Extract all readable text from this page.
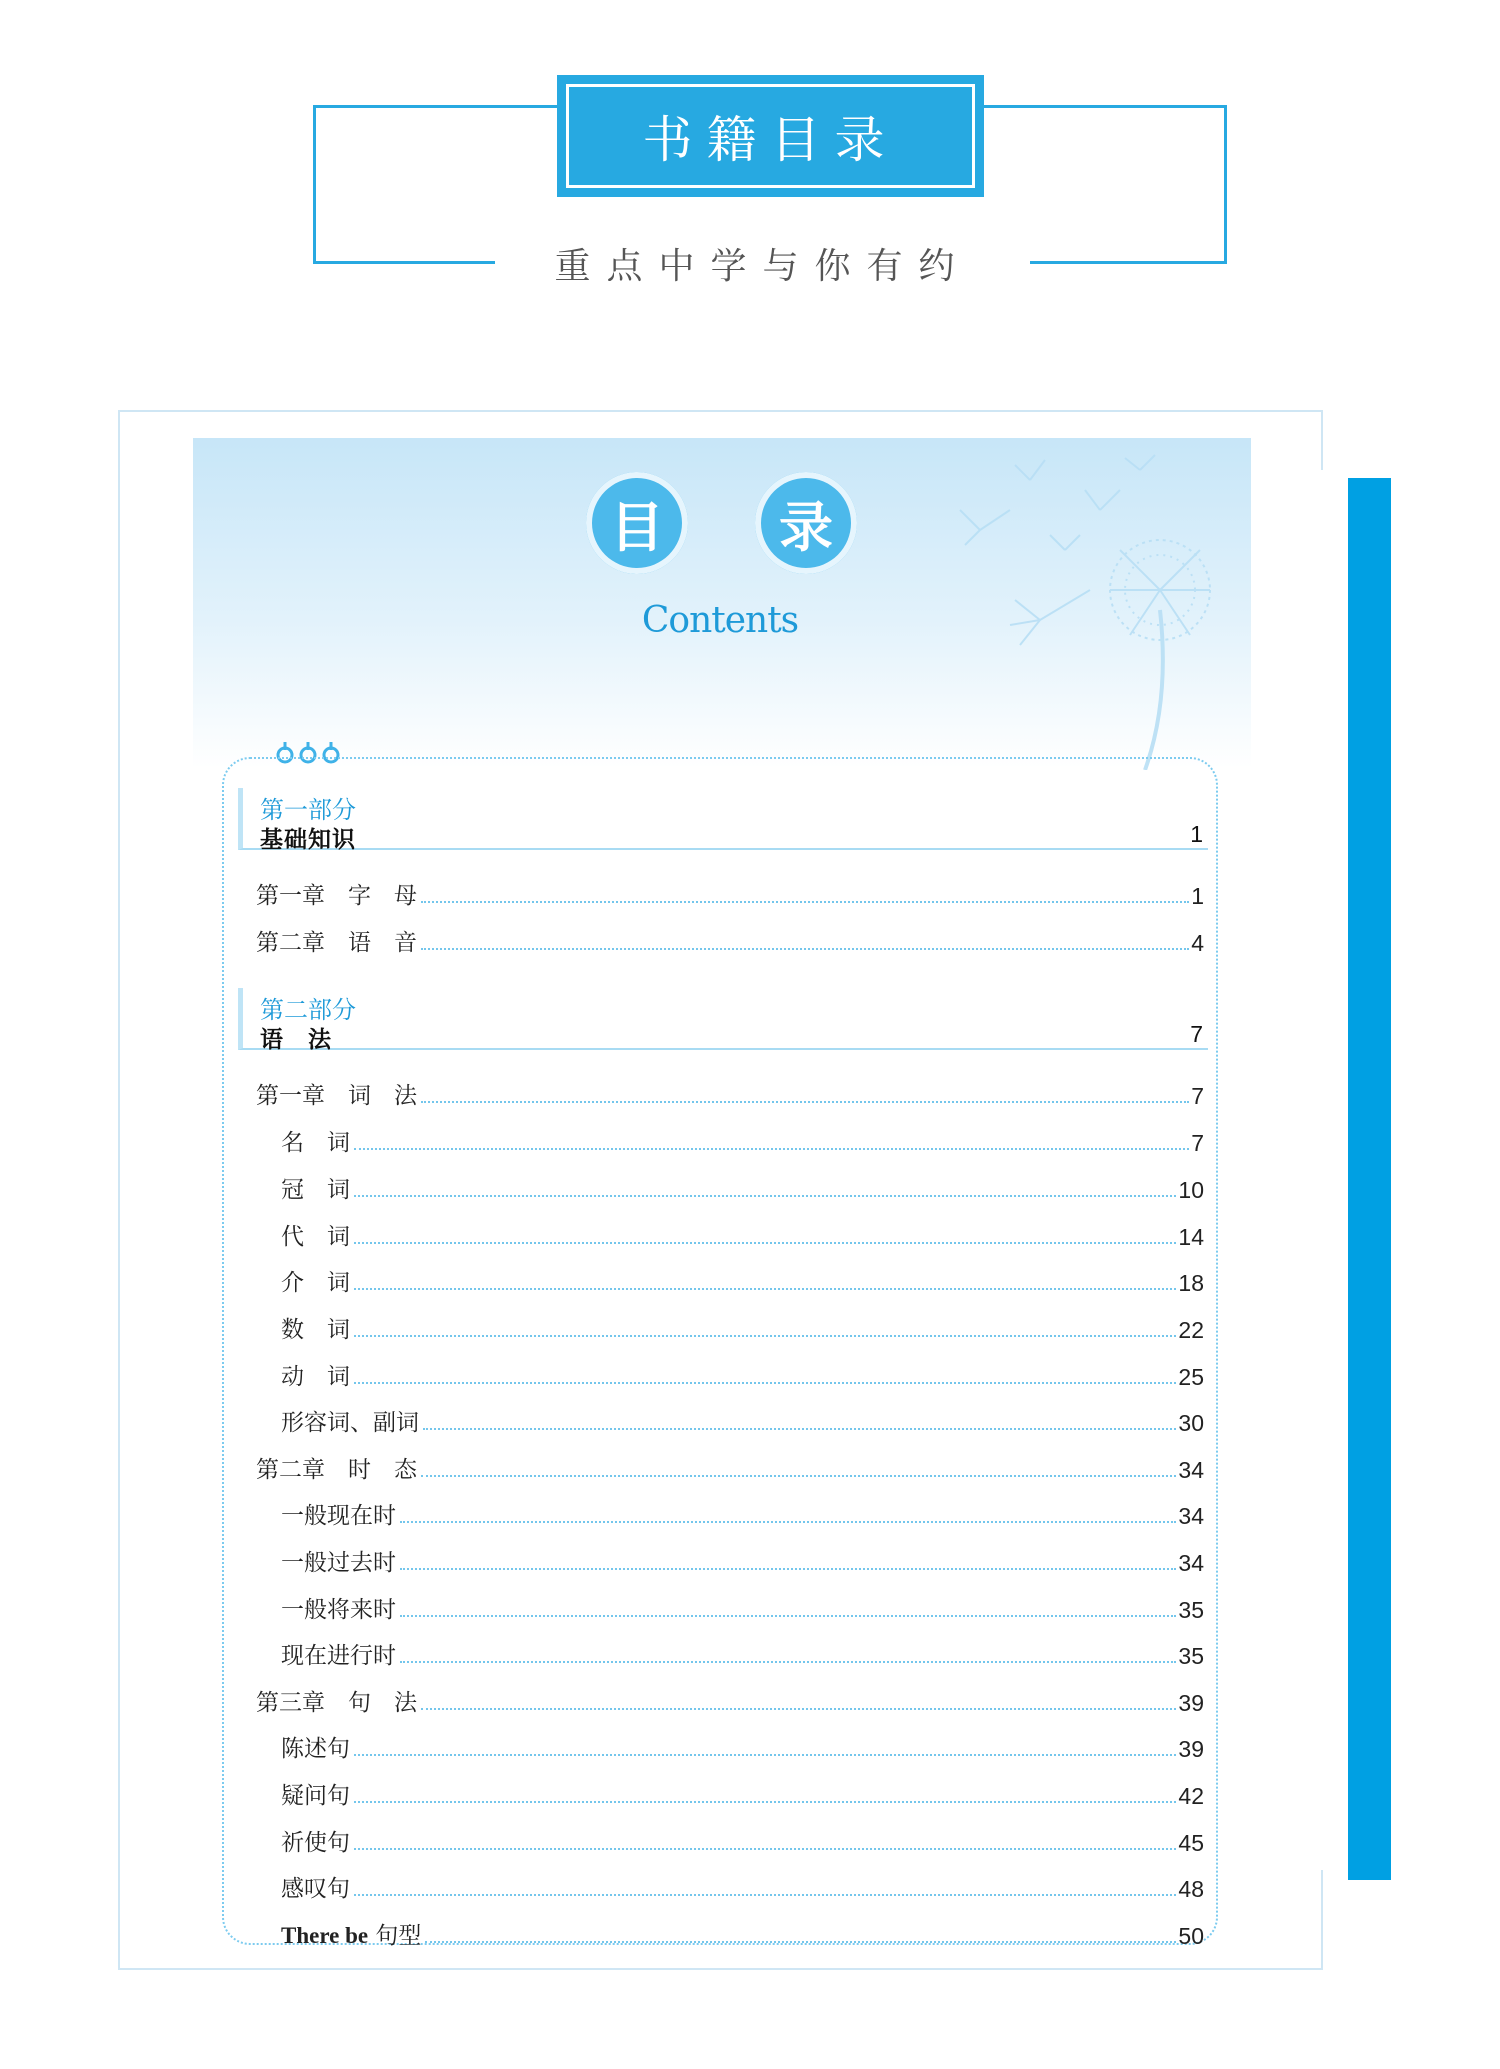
书籍目录
重点中学与你有约
目	录
Contents
第一部分
基础知识	1
第一章　字　母	1
第二章　语　音	4
第二部分
语　法	7
第一章　词　法	7
名　词	7
冠　词	10
代　词	14
介　词	18
数　词	22
动　词	25
形容词、副词	30
第二章　时　态	34
一般现在时	34
一般过去时	34
一般将来时	35
现在进行时	35
第三章　句　法	39
陈述句	39
疑问句	42
祈使句	45
感叹句	48
There be 句型	50
